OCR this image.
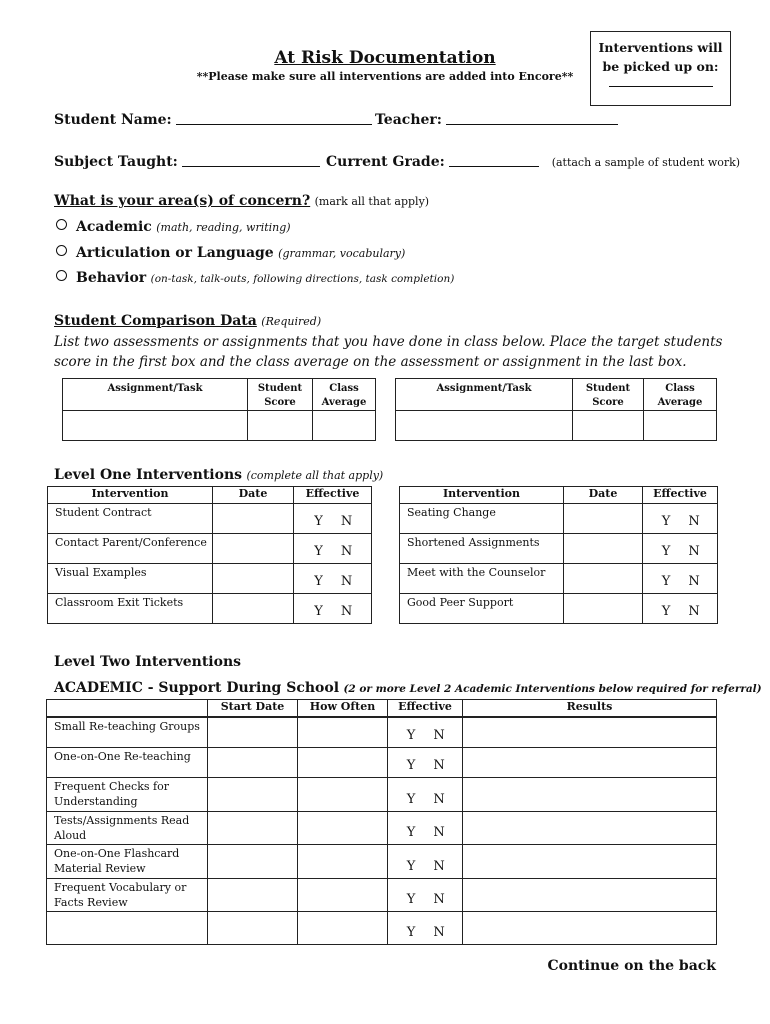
Interventions will
be picked up on:
At Risk Documentation
**Please make sure all interventions are added into Encore**
Student Name:	Teacher:
Subject Taught:	Current Grade:	(attach a sample of student work)
What is your area(s) of concern? (mark all that apply)
Academic (math, reading, writing)
Articulation or Language (grammar, vocabulary)
Behavior (on-task, talk-outs, following directions, task completion)
Student Comparison Data (Required)
List two assessments or assignments that you have done in class below. Place the target students score in the first box and the class average on the assessment or assignment in the last box.
Assignment/Task	Student Score	Class Average

Assignment/Task	Student Score	Class Average

Level One Interventions (complete all that apply)
Intervention	Date	Effective
Student Contract		Y N
Contact Parent/Conference		Y N
Visual Examples		Y N
Classroom Exit Tickets		Y N
Intervention	Date	Effective
Seating Change		Y N
Shortened Assignments		Y N
Meet with the Counselor		Y N
Good Peer Support		Y N
Level Two Interventions
ACADEMIC - Support During School (2 or more Level 2 Academic Interventions below required for referral)
	Start Date	How Often	Effective	Results
Small Re-teaching Groups			Y N	
One-on-One Re-teaching			Y N	
Frequent Checks for Understanding			Y N	
Tests/Assignments Read Aloud			Y N	
One-on-One Flashcard Material Review			Y N	
Frequent Vocabulary or Facts Review			Y N	
			Y N	
Continue on the back
